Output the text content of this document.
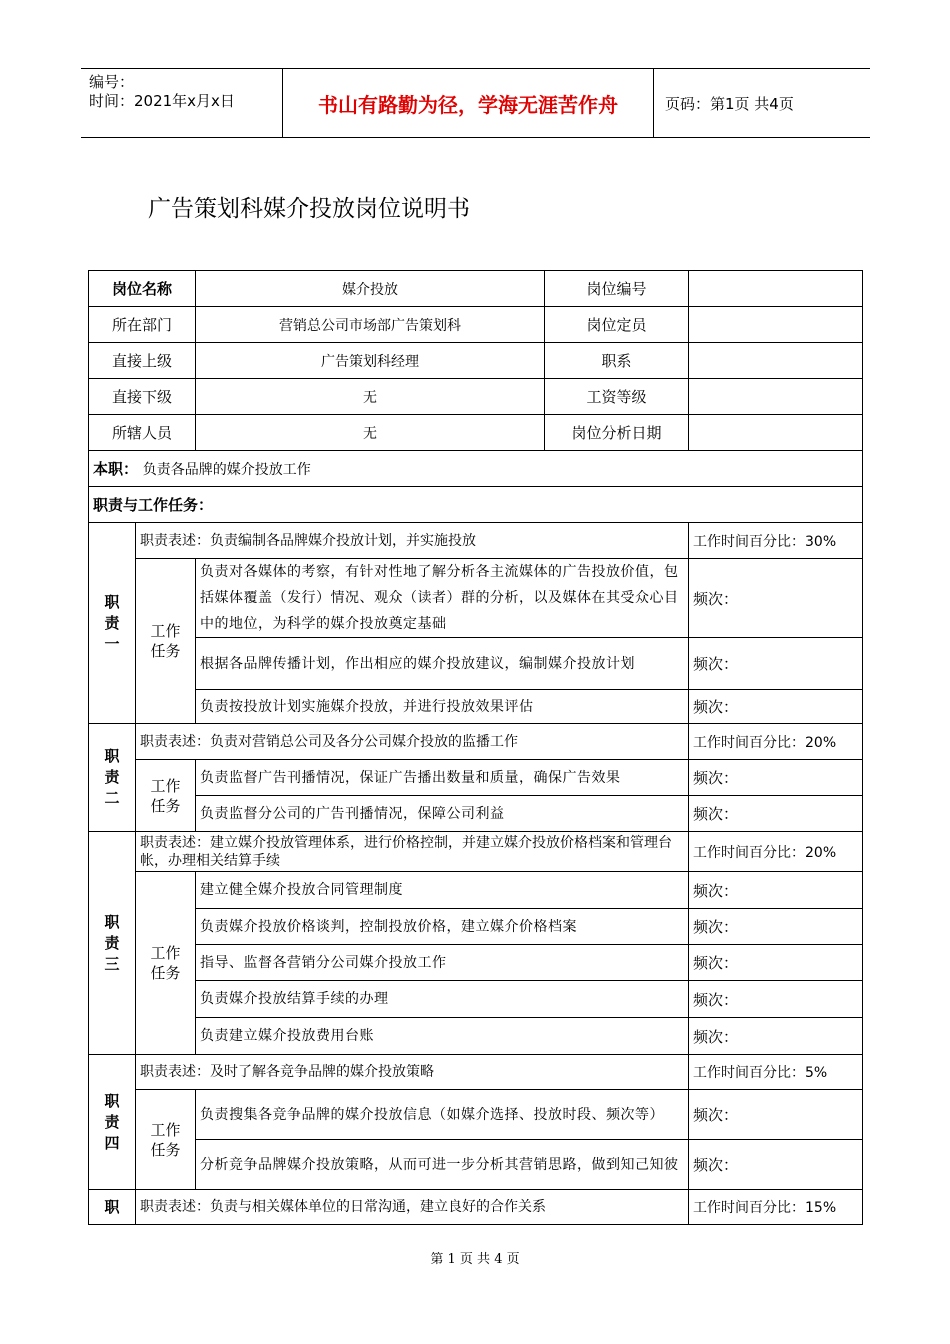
编号：
时间：2021年x月x日	书山有路勤为径，学海无涯苦作舟	页码：第1页 共4页
广告策划科媒介投放岗位说明书
岗位名称		媒介投放	岗位编号	
所在部门		营销总公司市场部广告策划科	岗位定员	
直接上级		广告策划科经理	职系	
直接下级		无	工资等级	
所辖人员		无	岗位分析日期	
本职： 负责各品牌的媒介投放工作				
职责与工作任务：				
职
责
一	职责表述：负责编制各品牌媒介投放计划，并实施投放			工作时间百分比：30%
	工作
任务	负责对各媒体的考察，有针对性地了解分析各主流媒体的广告投放价值，包括媒体覆盖（发行）情况、观众（读者）群的分析，以及媒体在其受众心目中的地位，为科学的媒介投放奠定基础		频次：
		根据各品牌传播计划，作出相应的媒介投放建议，编制媒介投放计划		频次：
		负责按投放计划实施媒介投放，并进行投放效果评估		频次：
职
责
二	职责表述：负责对营销总公司及各分公司媒介投放的监播工作			工作时间百分比：20%
	工作
任务	负责监督广告刊播情况，保证广告播出数量和质量，确保广告效果		频次：
		负责监督分公司的广告刊播情况，保障公司利益		频次：
职
责
三	职责表述：建立媒介投放管理体系，进行价格控制，并建立媒介投放价格档案和管理台帐，办理相关结算手续			工作时间百分比：20%
	工作
任务	建立健全媒介投放合同管理制度		频次：
		负责媒介投放价格谈判，控制投放价格，建立媒介价格档案		频次：
		指导、监督各营销分公司媒介投放工作		频次：
		负责媒介投放结算手续的办理		频次：
		负责建立媒介投放费用台账		频次：
职
责
四	职责表述：及时了解各竞争品牌的媒介投放策略			工作时间百分比：5%
	工作
任务	负责搜集各竞争品牌的媒介投放信息（如媒介选择、投放时段、频次等）		频次：
		分析竞争品牌媒介投放策略，从而可进一步分析其营销思路，做到知己知彼		频次：
职	职责表述：负责与相关媒体单位的日常沟通，建立良好的合作关系			工作时间百分比：15%
第 1 页 共 4 页
